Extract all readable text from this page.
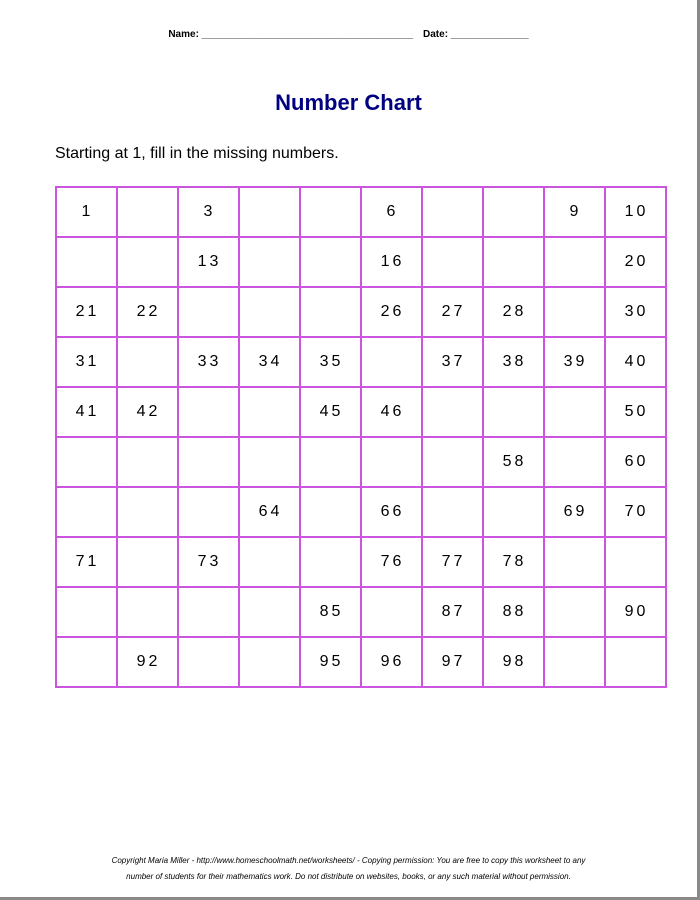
Name: ______________________________________ Date: ______________
Number Chart
Starting at 1, fill in the missing numbers.
1		3			6			9	10
		13			16				20
21	22				26	27	28		30
31		33	34	35		37	38	39	40
41	42			45	46				50
							58		60
			64		66			69	70
71		73			76	77	78		
				85		87	88		90
	92			95	96	97	98		
Copyright Maria Miller - http://www.homeschoolmath.net/worksheets/ - Copying permission: You are free to copy this worksheet to any
number of students for their mathematics work. Do not distribute on websites, books, or any such material without permission.
